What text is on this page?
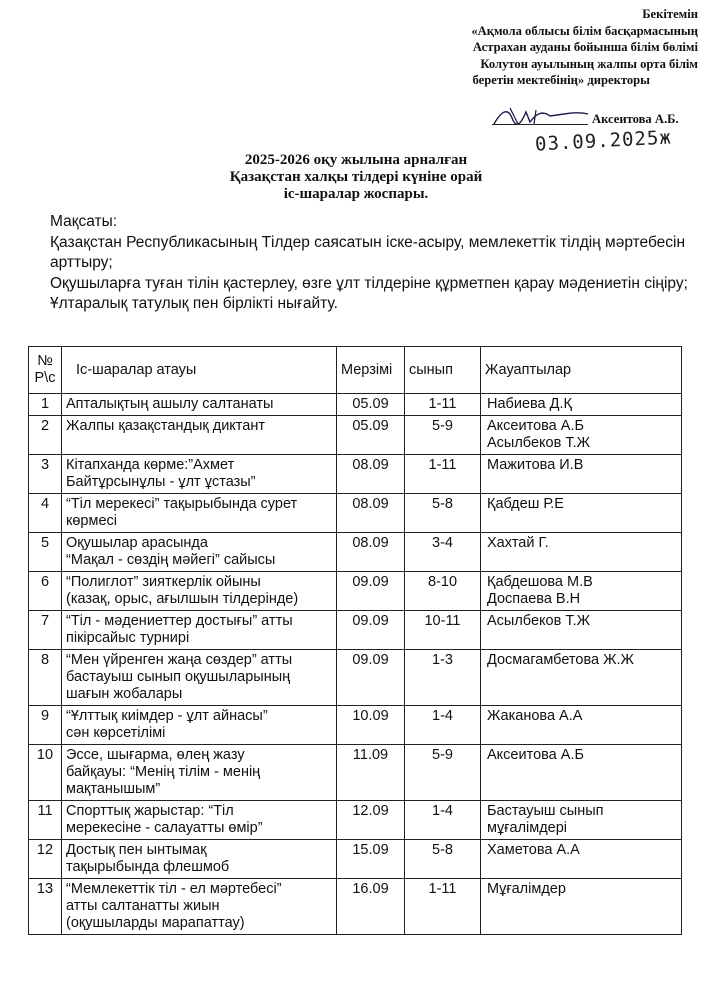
Бекітемін
«Ақмола облысы білім басқармасының
Астрахан ауданы бойынша білім бөлімі
Колутон ауылының жалпы орта білім
беретін мектебінің» директоры
Аксеитова А.Б.
03.09.2025ж
2025-2026 оқу жылына арналған
Қазақстан халқы тілдері күніне орай
іс-шаралар жоспары.
Мақсаты:
Қазақстан Республикасының Тілдер саясатын іске-асыру, мемлекеттік тілдің мәртебесін арттыру;
Оқушыларға туған тілін қастерлеу, өзге ұлт тілдеріне құрметпен қарау мәдениетін сіңіру;
Ұлтаралық татулық пен бірлікті нығайту.
№
Р\с	Іс-шаралар атауы	Мерзімі	сынып	Жауаптылар
1	Апталықтың ашылу салтанаты	05.09	1-11	Набиева Д.Қ
2	Жалпы қазақстандық диктант	05.09	5-9	Аксеитова А.Б
Асылбеков Т.Ж
3	Кітапханда көрме:”Ахмет
Байтұрсынұлы - ұлт ұстазы”	08.09	1-11	Мажитова И.В
4	“Тіл мерекесі” тақырыбында сурет
көрмесі	08.09	5-8	Қабдеш Р.Е
5	Оқушылар арасында
“Мақал - сөздің мәйегі” сайысы	08.09	3-4	Хахтай Г.
6	“Полиглот” зияткерлік ойыны
(казақ, орыс, ағылшын тілдерінде)	09.09	8-10	Қабдешова М.В
Доспаева В.Н
7	“Тіл - мәдениеттер достығы” атты
пікірсайыс турнирі	09.09	10-11	Асылбеков Т.Ж
8	“Мен үйренген жаңа сөздер” атты
бастауыш сынып оқушыларының
шағын жобалары	09.09	1-3	Досмагамбетова Ж.Ж
9	“Ұлттық киімдер - ұлт айнасы”
сән көрсетілімі	10.09	1-4	Жаканова А.А
10	Эссе, шығарма, өлең жазу
байқауы: “Менің тілім - менің
мақтанышым”	11.09	5-9	Аксеитова А.Б
11	Спорттық жарыстар: “Тіл
мерекесіне - салауатты өмір”	12.09	1-4	Бастауыш сынып
мұғалімдері
12	Достық пен ынтымақ
тақырыбында флешмоб	15.09	5-8	Хаметова А.А
13	“Мемлекеттік тіл - ел мәртебесі”
атты салтанатты жиын
(оқушыларды марапаттау)	16.09	1-11	Мұғалімдер
